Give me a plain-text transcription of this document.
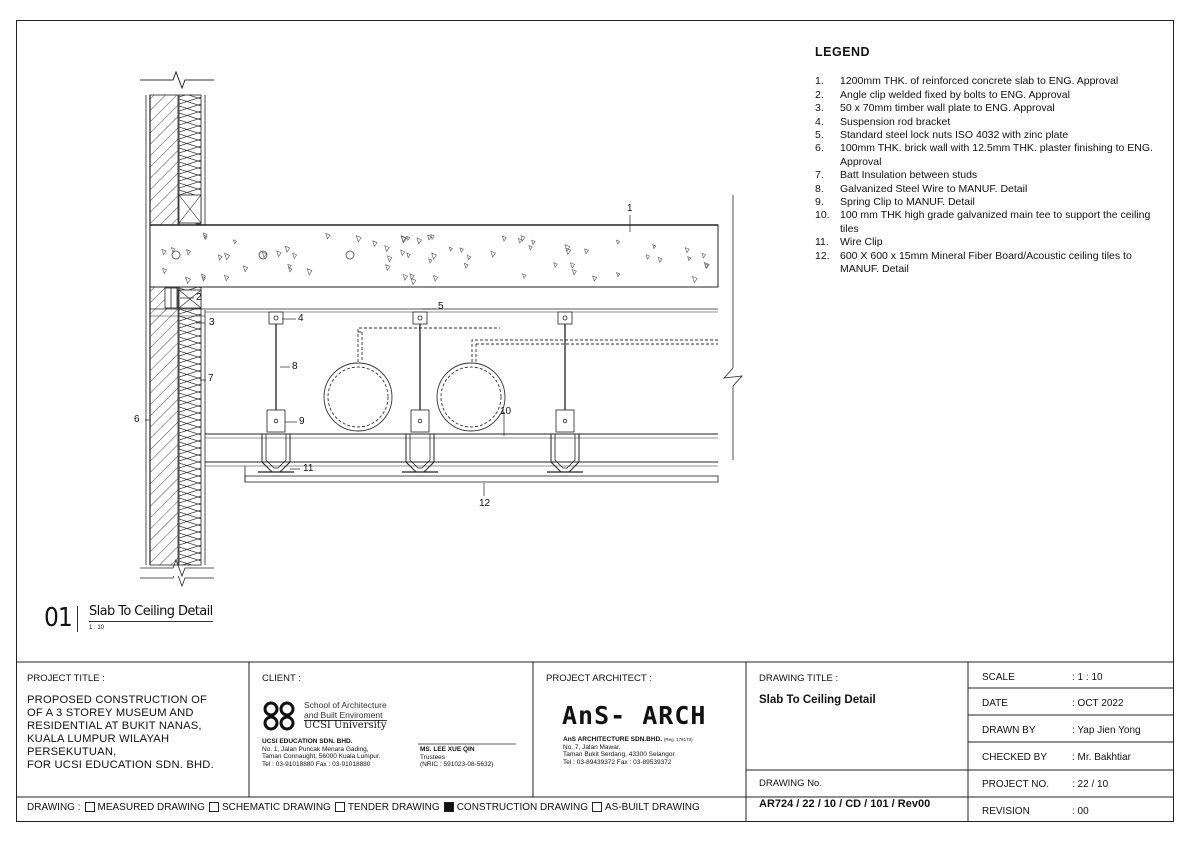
1
2
3	4
5
6
7
8
9
10
11
12
LEGEND
1.	1200mm THK. of reinforced concrete slab to ENG. Approval
2.	Angle clip welded fixed by bolts to ENG. Approval
3.	50 x 70mm timber wall plate to ENG. Approval
4.	Suspension rod bracket
5.	Standard steel lock nuts ISO 4032 with zinc plate
6.	100mm THK. brick wall with 12.5mm THK. plaster finishing to ENG. Approval
7.	Batt Insulation between studs
8.	Galvanized Steel Wire to MANUF. Detail
9.	Spring Clip to MANUF. Detail
10. 100 mm THK high grade galvanized main tee to support the ceiling tiles
11.	Wire Clip
12. 600 X 600 x 15mm Mineral Fiber Board/Acoustic ceiling tiles to MANUF. Detail
01 Slab To Ceiling Detail
1 : 10
PROJECT TITLE :
PROPOSED CONSTRUCTION OF
OF A 3 STOREY MUSEUM AND
RESIDENTIAL AT BUKIT NANAS,
KUALA LUMPUR WILAYAH
PERSEKUTUAN,
FOR UCSI EDUCATION SDN. BHD.
CLIENT :
School of Architecture
and Built Enviroment
UCSI University
UCSI EDUCATION SDN. BHD.
No. 1, Jalan Puncak Menara Gading,
Taman Connaught, 56000 Kuala Lumpur.
Tel : 03-91018880 Fax : 03-91018880
MS. LEE XUE QIN
Trustees
(NRIC : 591023-08-5632)
PROJECT ARCHITECT :
AnS- ARCH
AnS ARCHITECTURE SDN.BHD. (Reg. 178173)
No. 7, Jalan Mawar,
Taman Bukit Serdang, 43300 Selangor
Tel : 03-89439372 Fax : 03-89539372
DRAWING TITLE :
Slab To Ceiling Detail
DRAWING No.
AR724 / 22 / 10 / CD / 101 / Rev00
SCALE	: 1 : 10
DATE	: OCT 2022
DRAWN BY	: Yap Jien Yong
CHECKED BY : Mr. Bakhtiar
PROJECT NO. : 22 / 10
REVISION	: 00
DRAWING : MEASURED DRAWING SCHEMATIC DRAWING TENDER DRAWING CONSTRUCTION DRAWING AS-BUILT DRAWING
